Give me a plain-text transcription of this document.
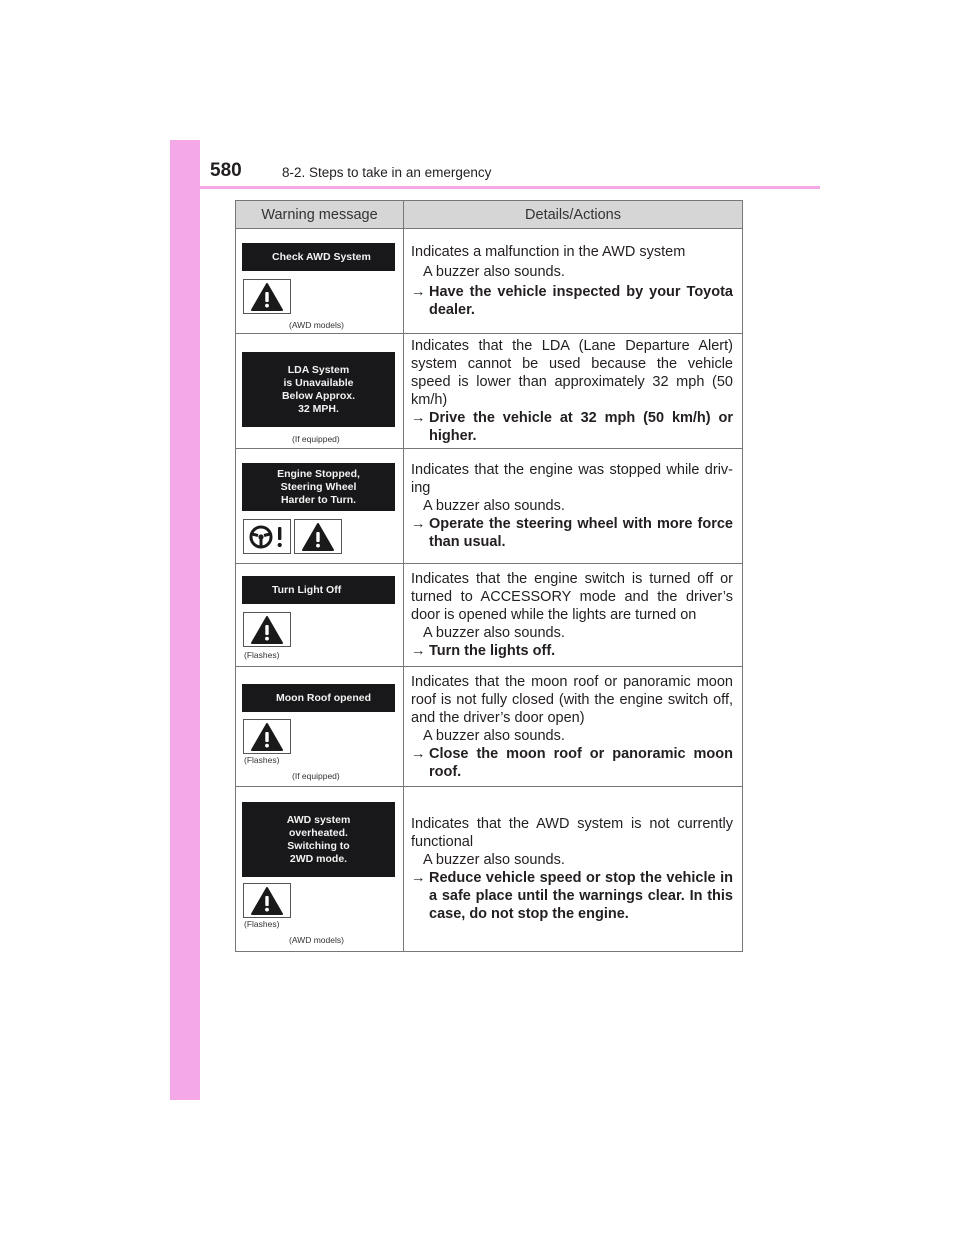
580	8-2. Steps to take in an emergency
Warning message	Details/Actions
Check AWD System
(AWD models)
Indicates a malfunction in the AWD system
A buzzer also sounds.
→ Have the vehicle inspected by your Toyota dealer.
LDA System
is Unavailable
Below Approx.
32 MPH.
(If equipped)
Indicates that the LDA (Lane Departure Alert) system cannot be used because the vehicle speed is lower than approximately 32 mph (50 km/h)
→ Drive the vehicle at 32 mph (50 km/h) or higher.
Engine Stopped,
Steering Wheel
Harder to Turn.
Indicates that the engine was stopped while driv- ing
A buzzer also sounds.
→ Operate the steering wheel with more force than usual.
Turn Light Off
(Flashes)
Indicates that the engine switch is turned off or turned to ACCESSORY mode and the driver’s door is opened while the lights are turned on
A buzzer also sounds.
→ Turn the lights off.
Moon Roof opened
(Flashes)
(If equipped)
Indicates that the moon roof or panoramic moon roof is not fully closed (with the engine switch off, and the driver’s door open)
A buzzer also sounds.
→ Close the moon roof or panoramic moon roof.
AWD system
overheated.
Switching to
2WD mode.
(Flashes)
(AWD models)
Indicates that the AWD system is not currently functional
A buzzer also sounds.
→ Reduce vehicle speed or stop the vehicle in a safe place until the warnings clear. In this case, do not stop the engine.
